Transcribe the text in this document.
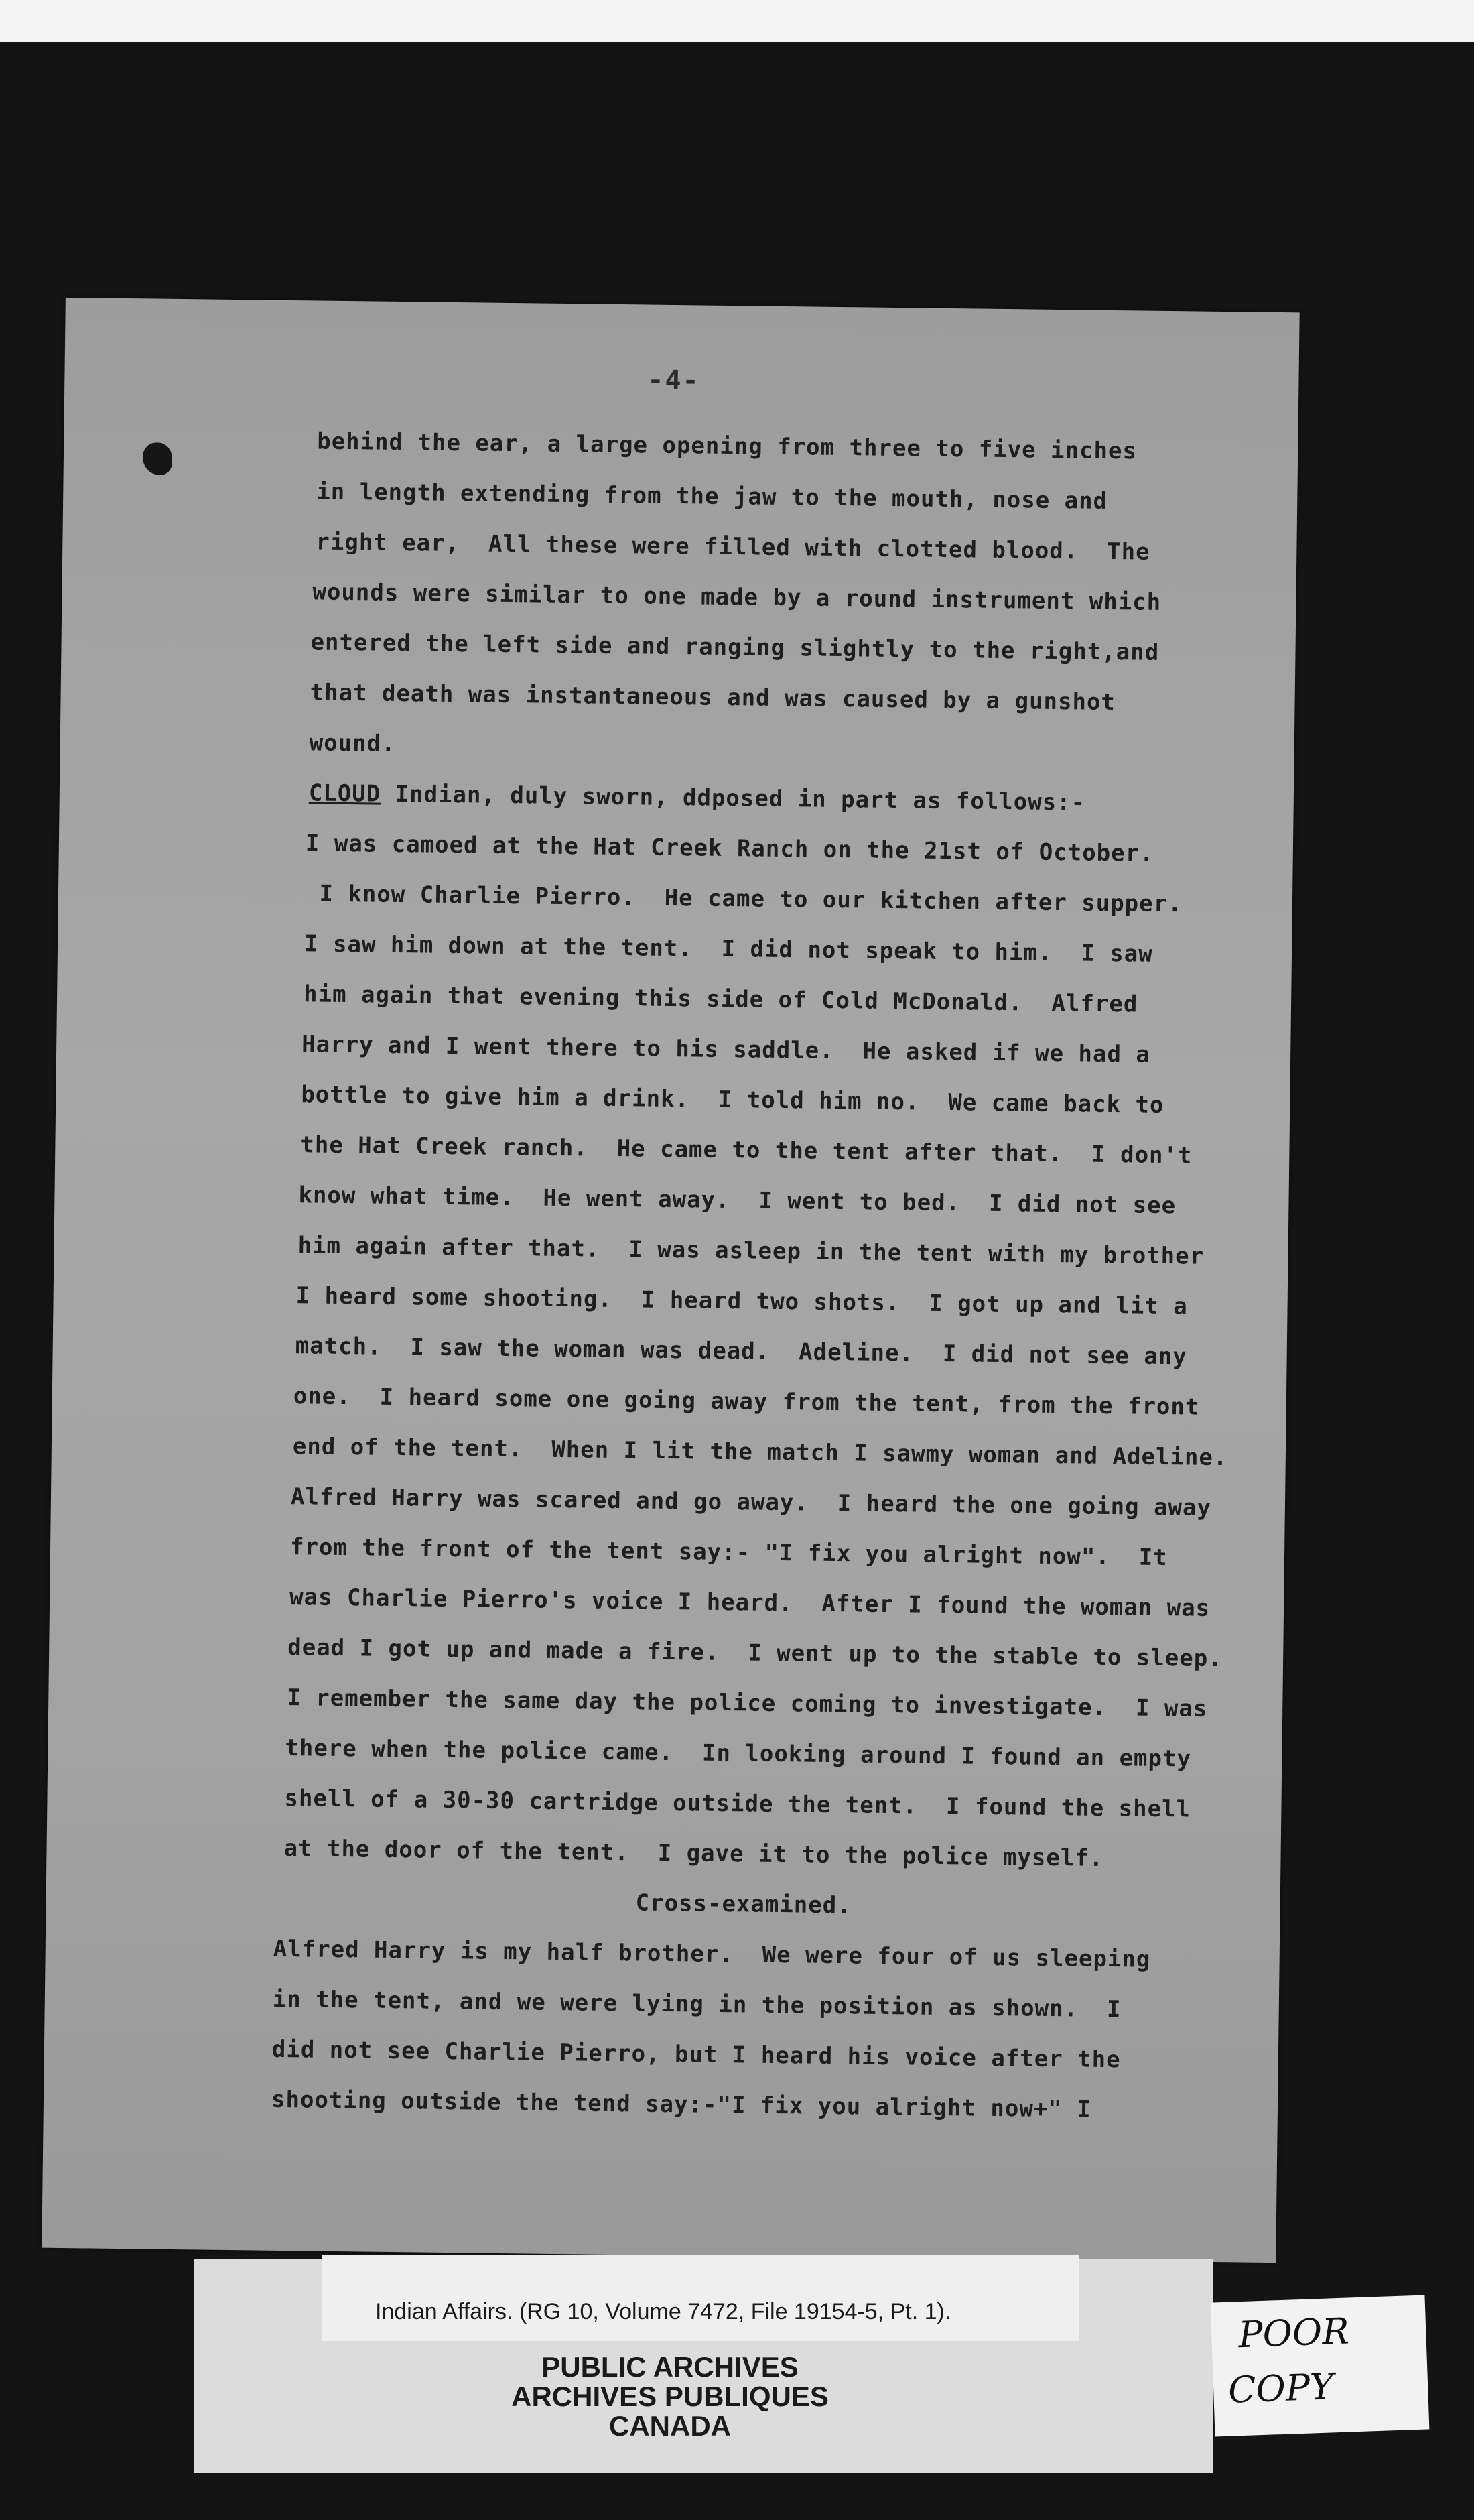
-4-
behind the ear, a large opening from three to five inches
in length extending from the jaw to the mouth, nose and
right ear,  All these were filled with clotted blood.  The
wounds were similar to one made by a round instrument which
entered the left side and ranging slightly to the right,and
that death was instantaneous and was caused by a gunshot
wound.
CLOUD Indian, duly sworn, ddposed in part as follows:-
I was camoed at the Hat Creek Ranch on the 21st of October.
I know Charlie Pierro.  He came to our kitchen after supper.
I saw him down at the tent.  I did not speak to him.  I saw
him again that evening this side of Cold McDonald.  Alfred
Harry and I went there to his saddle.  He asked if we had a
bottle to give him a drink.  I told him no.  We came back to
the Hat Creek ranch.  He came to the tent after that.  I don't
know what time.  He went away.  I went to bed.  I did not see
him again after that.  I was asleep in the tent with my brother
I heard some shooting.  I heard two shots.  I got up and lit a
match.  I saw the woman was dead.  Adeline.  I did not see any
one.  I heard some one going away from the tent, from the front
end of the tent.  When I lit the match I sawmy woman and Adeline.
Alfred Harry was scared and go away.  I heard the one going away
from the front of the tent say:- "I fix you alright now".  It
was Charlie Pierro's voice I heard.  After I found the woman was
dead I got up and made a fire.  I went up to the stable to sleep.
I remember the same day the police coming to investigate.  I was
there when the police came.  In looking around I found an empty
shell of a 30-30 cartridge outside the tent.  I found the shell
at the door of the tent.  I gave it to the police myself.
Cross-examined.
Alfred Harry is my half brother.  We were four of us sleeping
in the tent, and we were lying in the position as shown.  I
did not see Charlie Pierro, but I heard his voice after the
shooting outside the tend say:-"I fix you alright now+" I
Indian Affairs. (RG 10, Volume 7472, File 19154-5, Pt. 1).
PUBLIC ARCHIVES
ARCHIVES PUBLIQUES
CANADA
POOR
COPY
